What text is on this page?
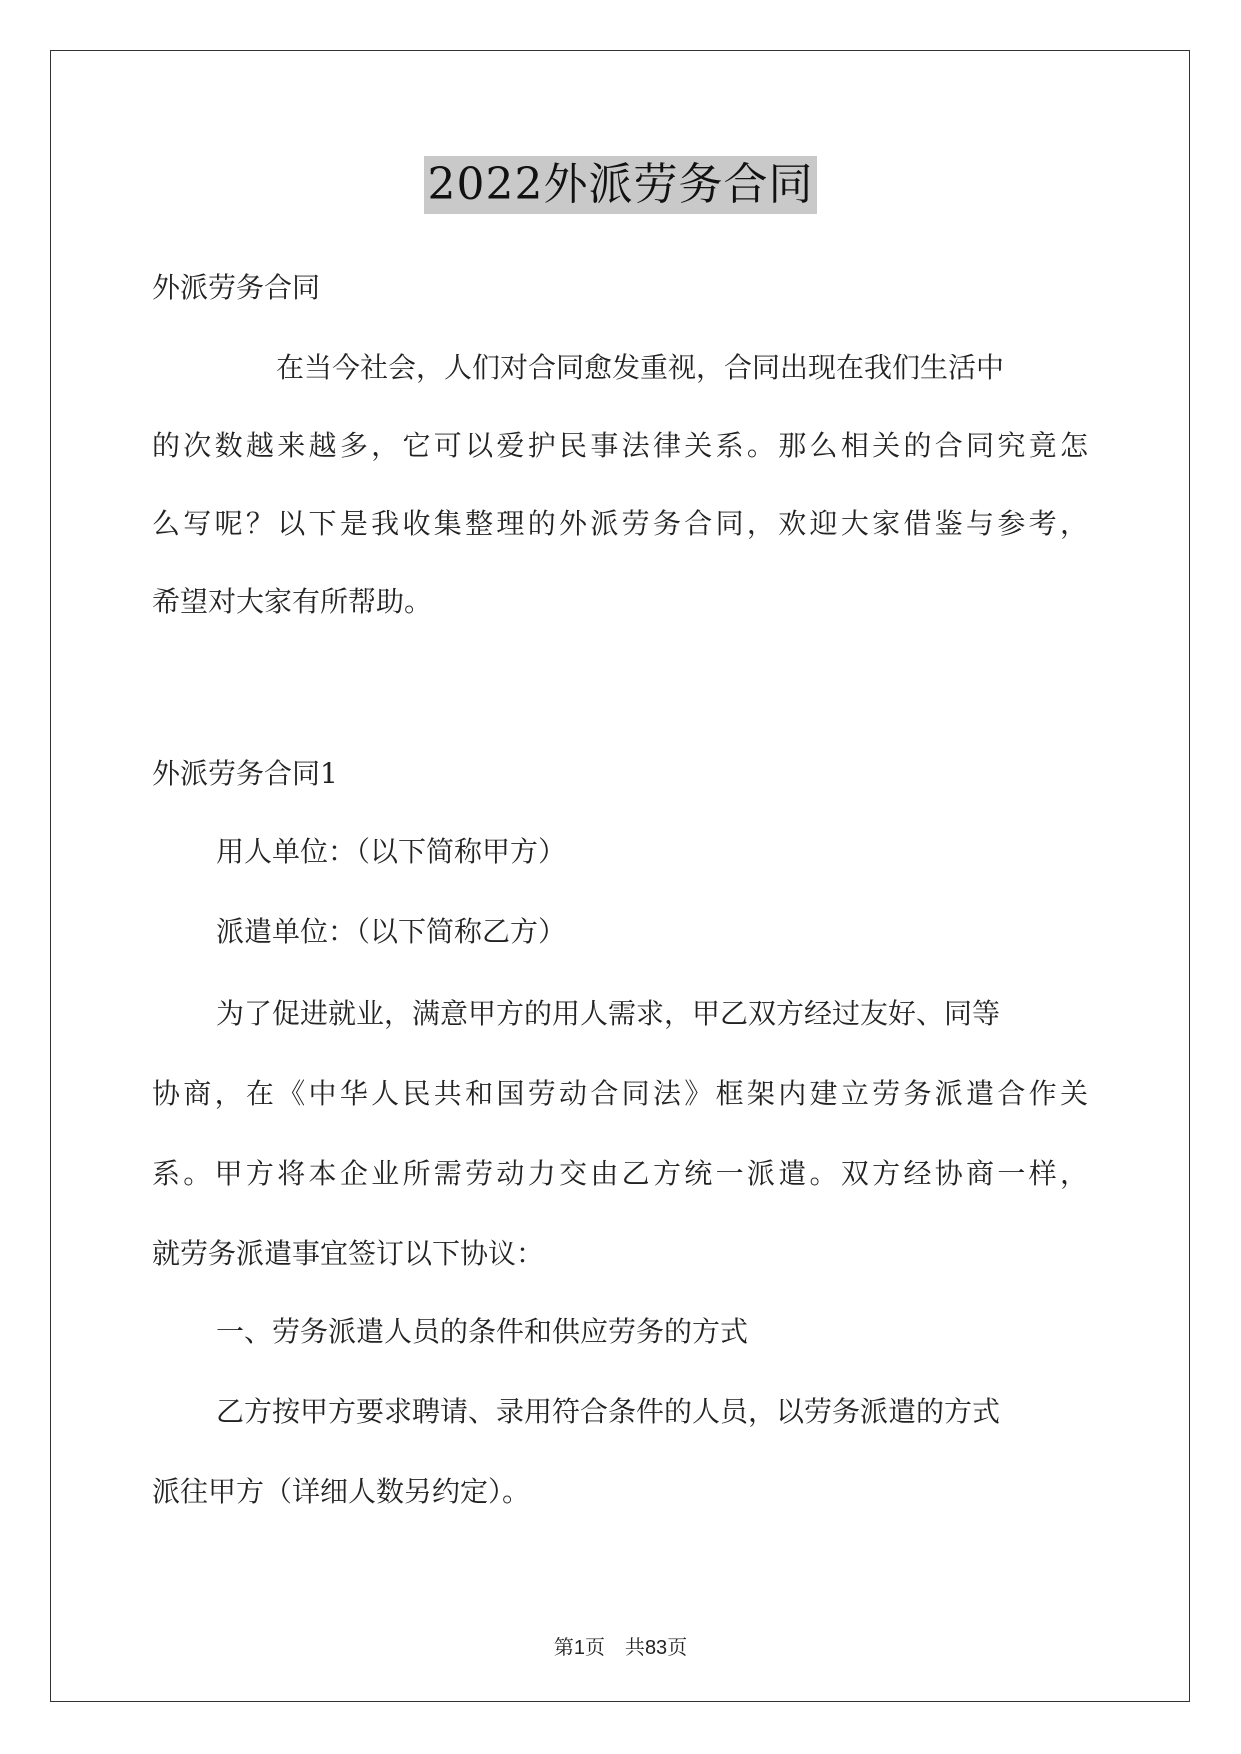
2022外派劳务合同
外派劳务合同
在当今社会，人们对合同愈发重视，合同出现在我们生活中
的次数越来越多，它可以爱护民事法律关系。那么相关的合同究竟怎
么写呢？以下是我收集整理的外派劳务合同，欢迎大家借鉴与参考，
希望对大家有所帮助。
外派劳务合同1
用人单位：（以下简称甲方）
派遣单位：（以下简称乙方）
为了促进就业，满意甲方的用人需求，甲乙双方经过友好、同等
协商，在《中华人民共和国劳动合同法》框架内建立劳务派遣合作关
系。甲方将本企业所需劳动力交由乙方统一派遣。双方经协商一样，
就劳务派遣事宜签订以下协议：
一、劳务派遣人员的条件和供应劳务的方式
乙方按甲方要求聘请、录用符合条件的人员，以劳务派遣的方式
派往甲方（详细人数另约定）。
第1页　共83页
